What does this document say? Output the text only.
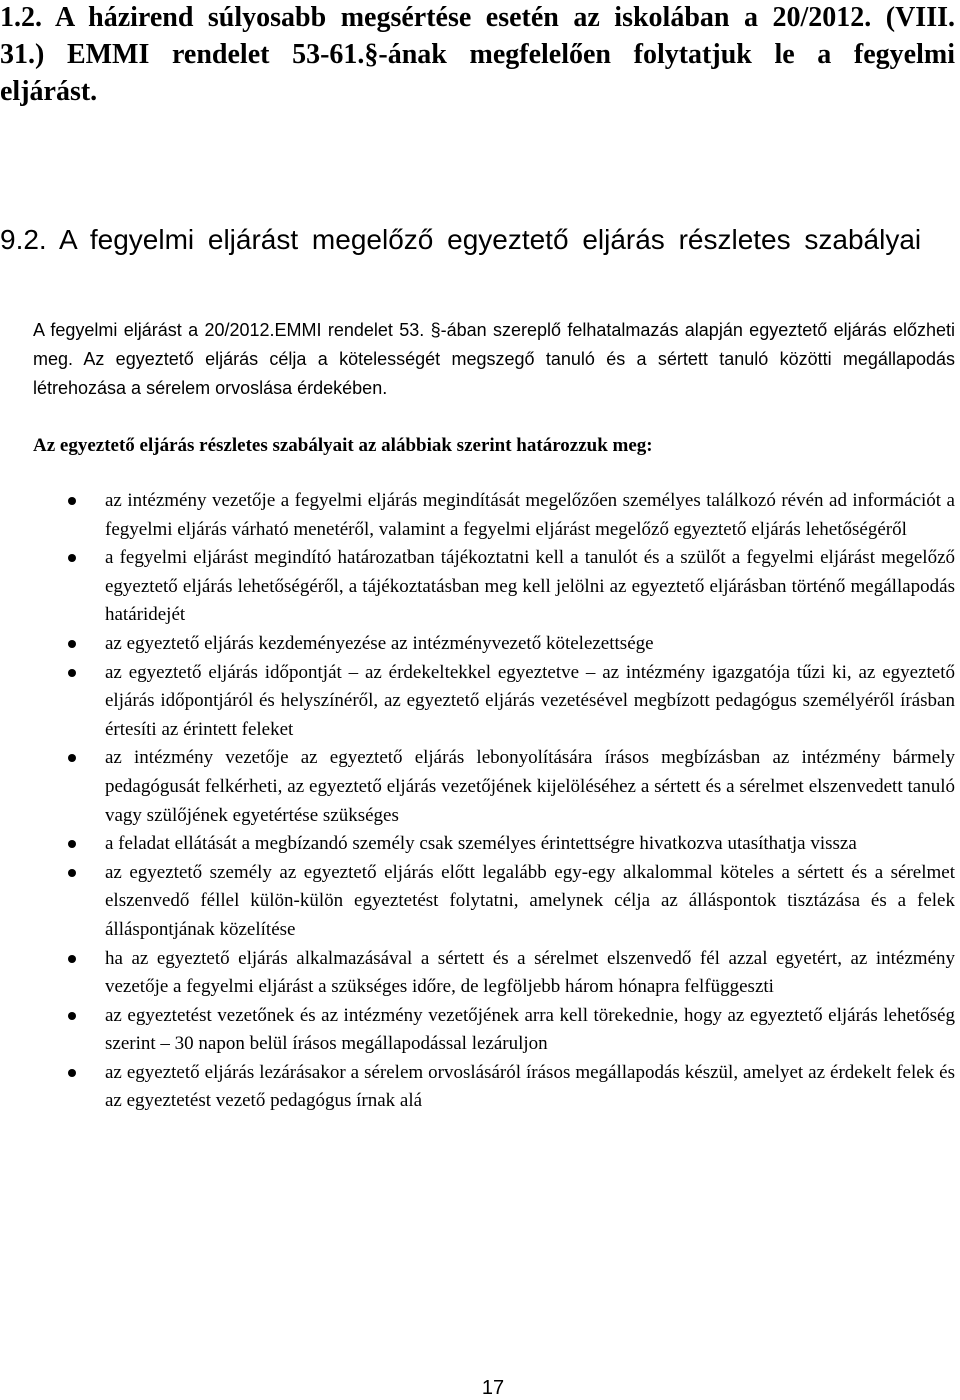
1.2. A házirend súlyosabb megsértése esetén az iskolában a 20/2012. (VIII. 31.) EMMI rendelet 53-61.§-ának megfelelően folytatjuk le a fegyelmi eljárást.
9.2. A fegyelmi eljárást megelőző egyeztető eljárás részletes szabályai

A fegyelmi eljárást a 20/2012.EMMI rendelet 53. §-ában szereplő felhatalmazás alapján egyeztető eljárás előzheti meg. Az egyeztető eljárás célja a kötelességét megszegő tanuló és a sértett tanuló közötti megállapodás létrehozása a sérelem orvoslása érdekében.

Az egyeztető eljárás részletes szabályait az alábbiak szerint határozzuk meg:

az intézmény vezetője a fegyelmi eljárás megindítását megelőzően személyes találkozó révén ad információt a fegyelmi eljárás várható menetéről, valamint a fegyelmi eljárást megelőző egyeztető eljárás lehetőségéről
a fegyelmi eljárást megindító határozatban tájékoztatni kell a tanulót és a szülőt a fegyelmi eljárást megelőző egyeztető eljárás lehetőségéről, a tájékoztatásban meg kell jelölni az egyeztető eljárásban történő megállapodás határidejét
az egyeztető eljárás kezdeményezése az intézményvezető kötelezettsége
az egyeztető eljárás időpontját – az érdekeltekkel egyeztetve – az intézmény igazgatója tűzi ki, az egyeztető eljárás időpontjáról és helyszínéről, az egyeztető eljárás vezetésével megbízott pedagógus személyéről írásban értesíti az érintett feleket
az intézmény vezetője az egyeztető eljárás lebonyolítására írásos megbízásban az intézmény bármely pedagógusát felkérheti, az egyeztető eljárás vezetőjének kijelöléséhez a sértett és a sérelmet elszenvedett tanuló vagy szülőjének egyetértése szükséges
a feladat ellátását a megbízandó személy csak személyes érintettségre hivatkozva utasíthatja vissza
az egyeztető személy az egyeztető eljárás előtt legalább egy-egy alkalommal köteles a sértett és a sérelmet elszenvedő féllel külön-külön egyeztetést folytatni, amelynek célja az álláspontok tisztázása és a felek álláspontjának közelítése
ha az egyeztető eljárás alkalmazásával a sértett és a sérelmet elszenvedő fél azzal egyetért, az intézmény vezetője a fegyelmi eljárást a szükséges időre, de legföljebb három hónapra felfüggeszti
az egyeztetést vezetőnek és az intézmény vezetőjének arra kell törekednie, hogy az egyeztető eljárás lehetőség szerint – 30 napon belül írásos megállapodással lezáruljon
az egyeztető eljárás lezárásakor a sérelem orvoslásáról írásos megállapodás készül, amelyet az érdekelt felek és az egyeztetést vezető pedagógus írnak alá
17
